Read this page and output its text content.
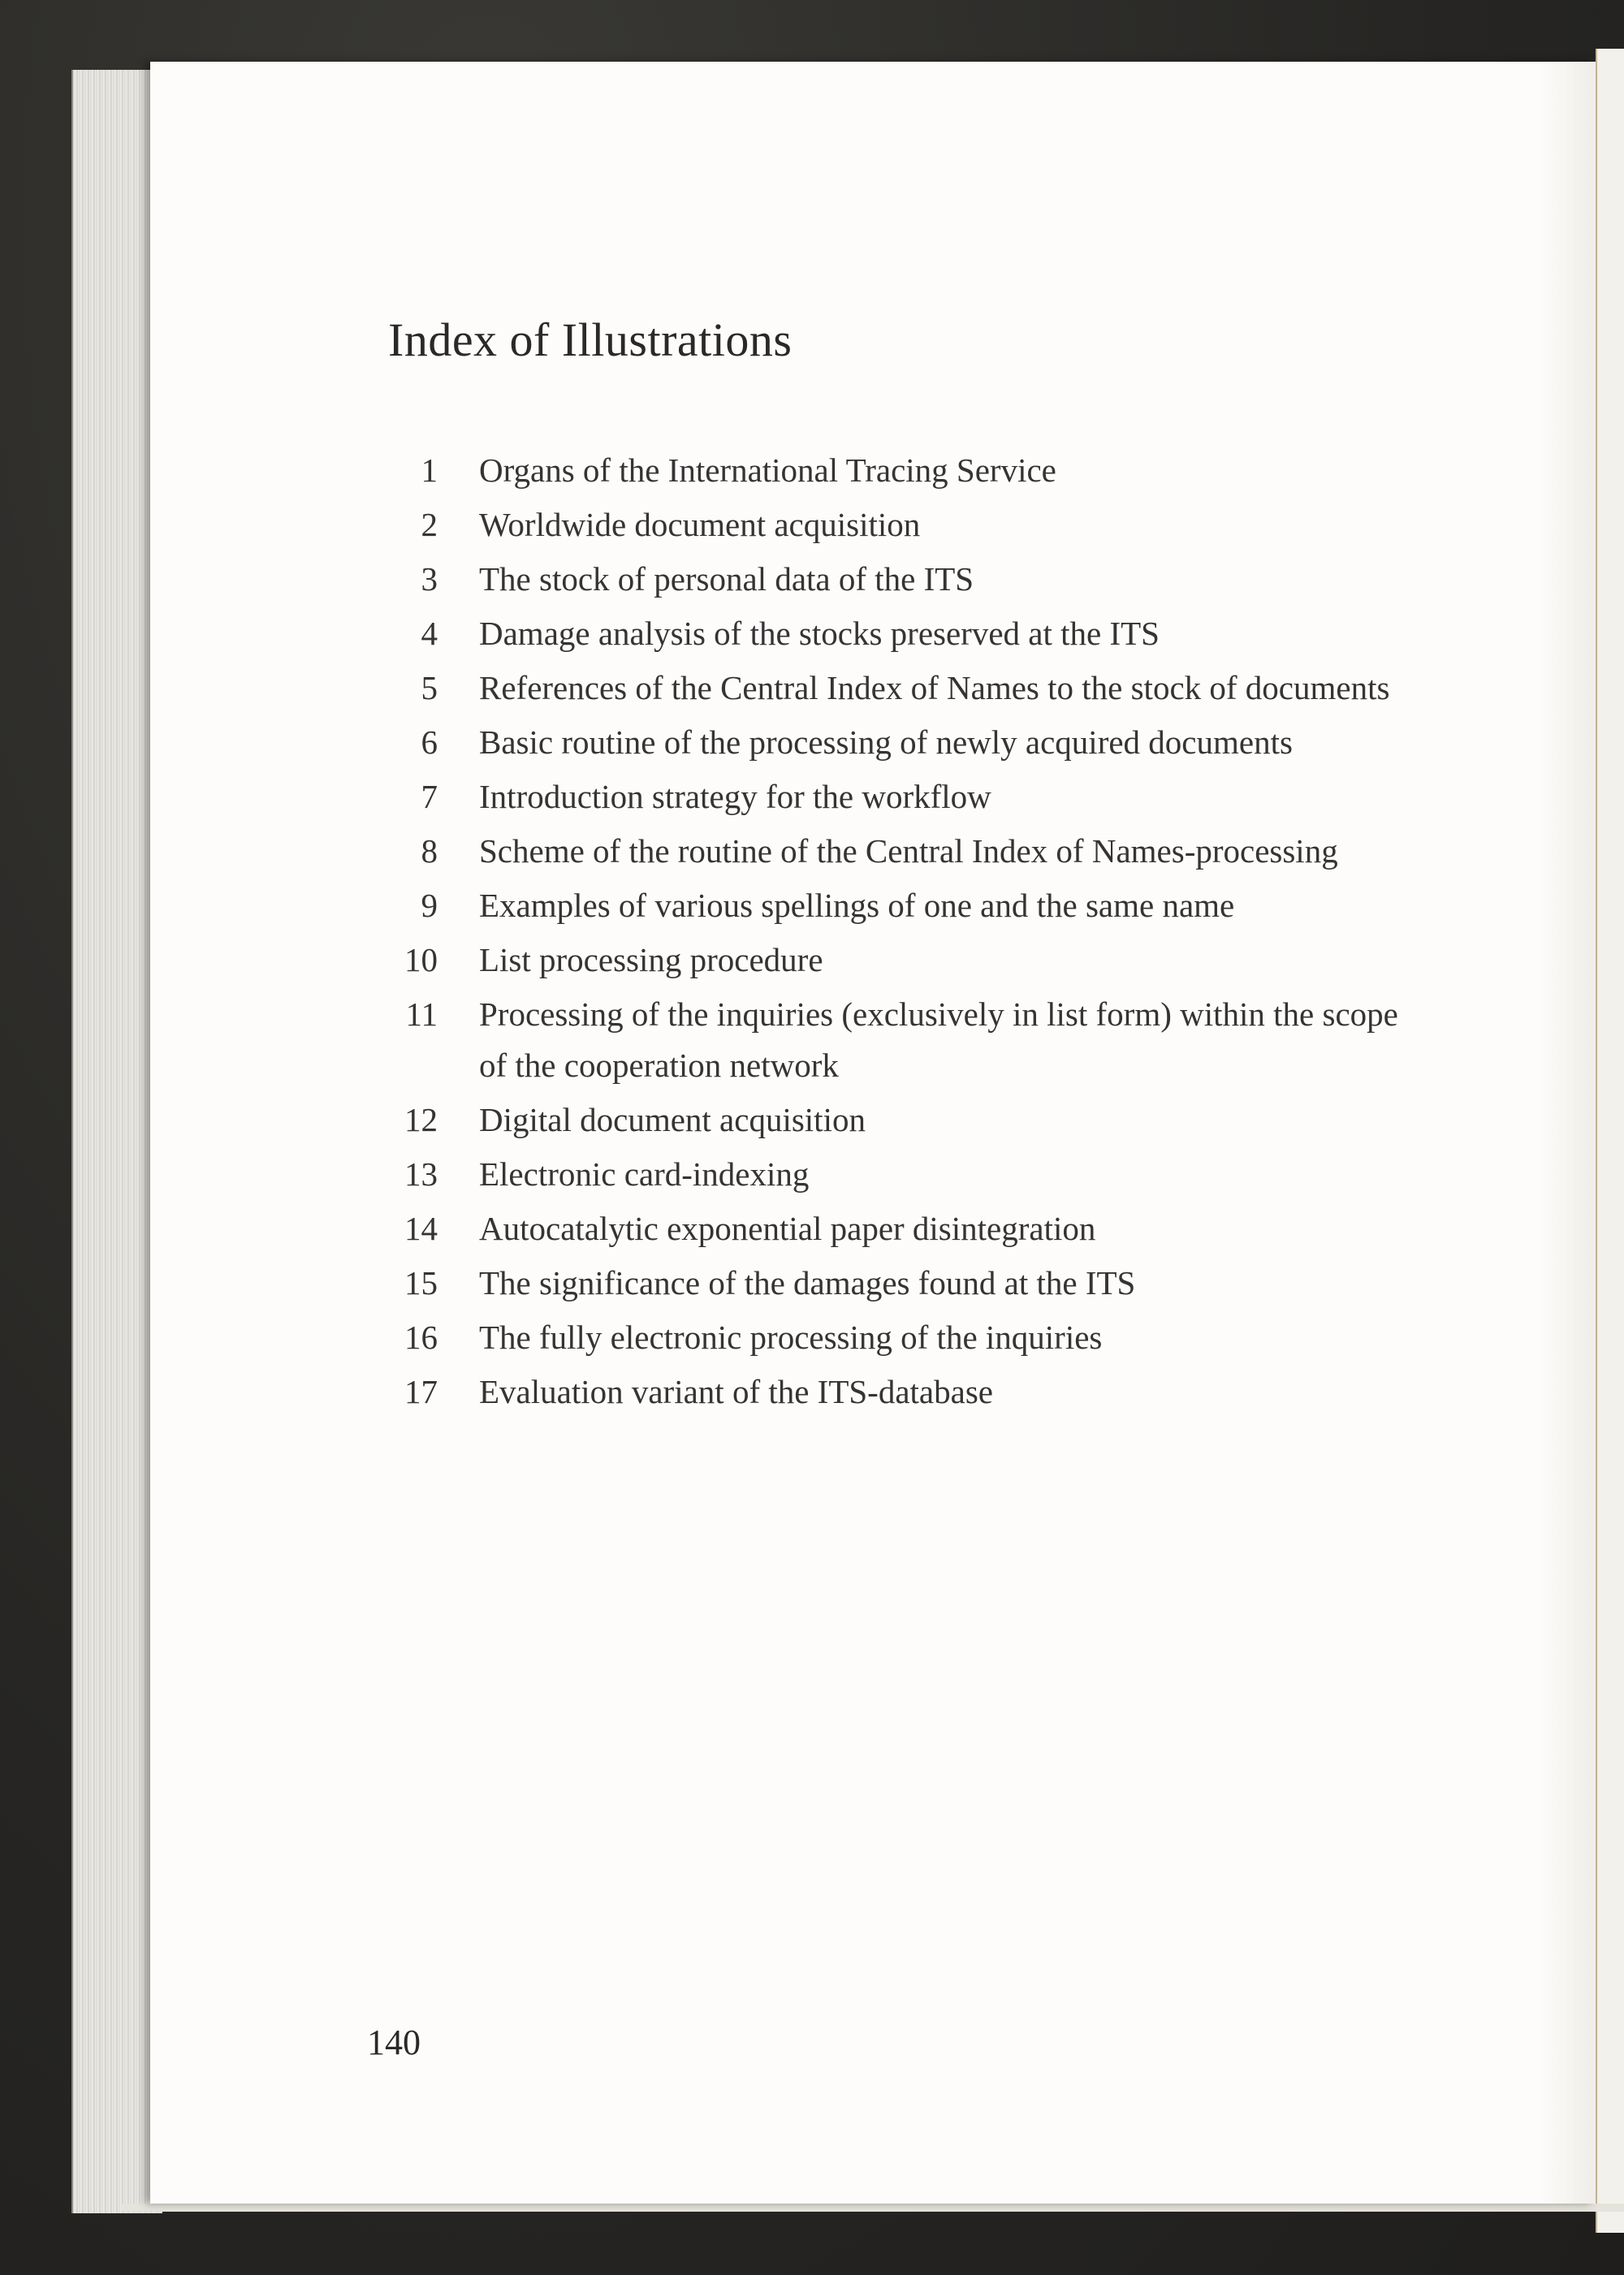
Index of Illustrations
1 Organs of the International Tracing Service
2 Worldwide document acquisition
3 The stock of personal data of the ITS
4 Damage analysis of the stocks preserved at the ITS
5 References of the Central Index of Names to the stock of documents
6 Basic routine of the processing of newly acquired documents
7 Introduction strategy for the workflow
8 Scheme of the routine of the Central Index of Names-processing
9 Examples of various spellings of one and the same name
10 List processing procedure
11 Processing of the inquiries (exclusively in list form) within the scope of the cooperation network
12 Digital document acquisition
13 Electronic card-indexing
14 Autocatalytic exponential paper disintegration
15 The significance of the damages found at the ITS
16 The fully electronic processing of the inquiries
17 Evaluation variant of the ITS-database
140
